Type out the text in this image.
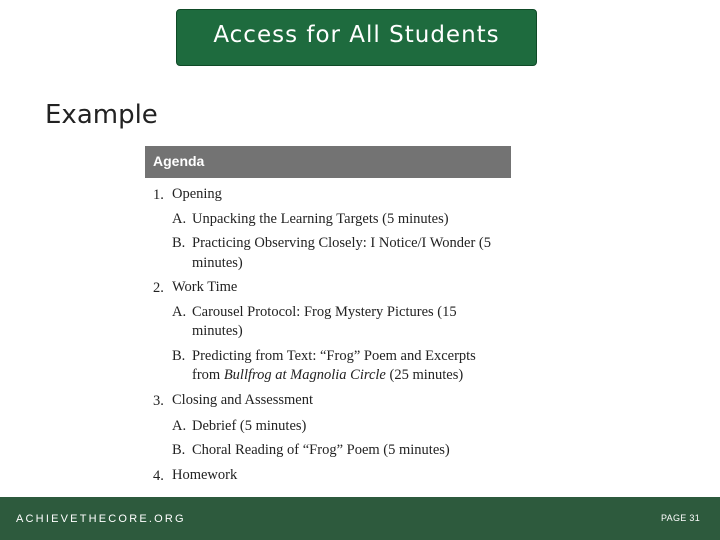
Access for All Students
Example
Agenda
1. Opening
A. Unpacking the Learning Targets (5 minutes)
B. Practicing Observing Closely: I Notice/I Wonder (5
minutes)
2. Work Time
A. Carousel Protocol: Frog Mystery Pictures (15
minutes)
B. Predicting from Text: “Frog” Poem and Excerpts
from Bullfrog at Magnolia Circle (25 minutes)
3. Closing and Assessment
A. Debrief (5 minutes)
B. Choral Reading of “Frog” Poem (5 minutes)
4. Homework
ACHIEVETHECORE.ORG	PAGE 31
